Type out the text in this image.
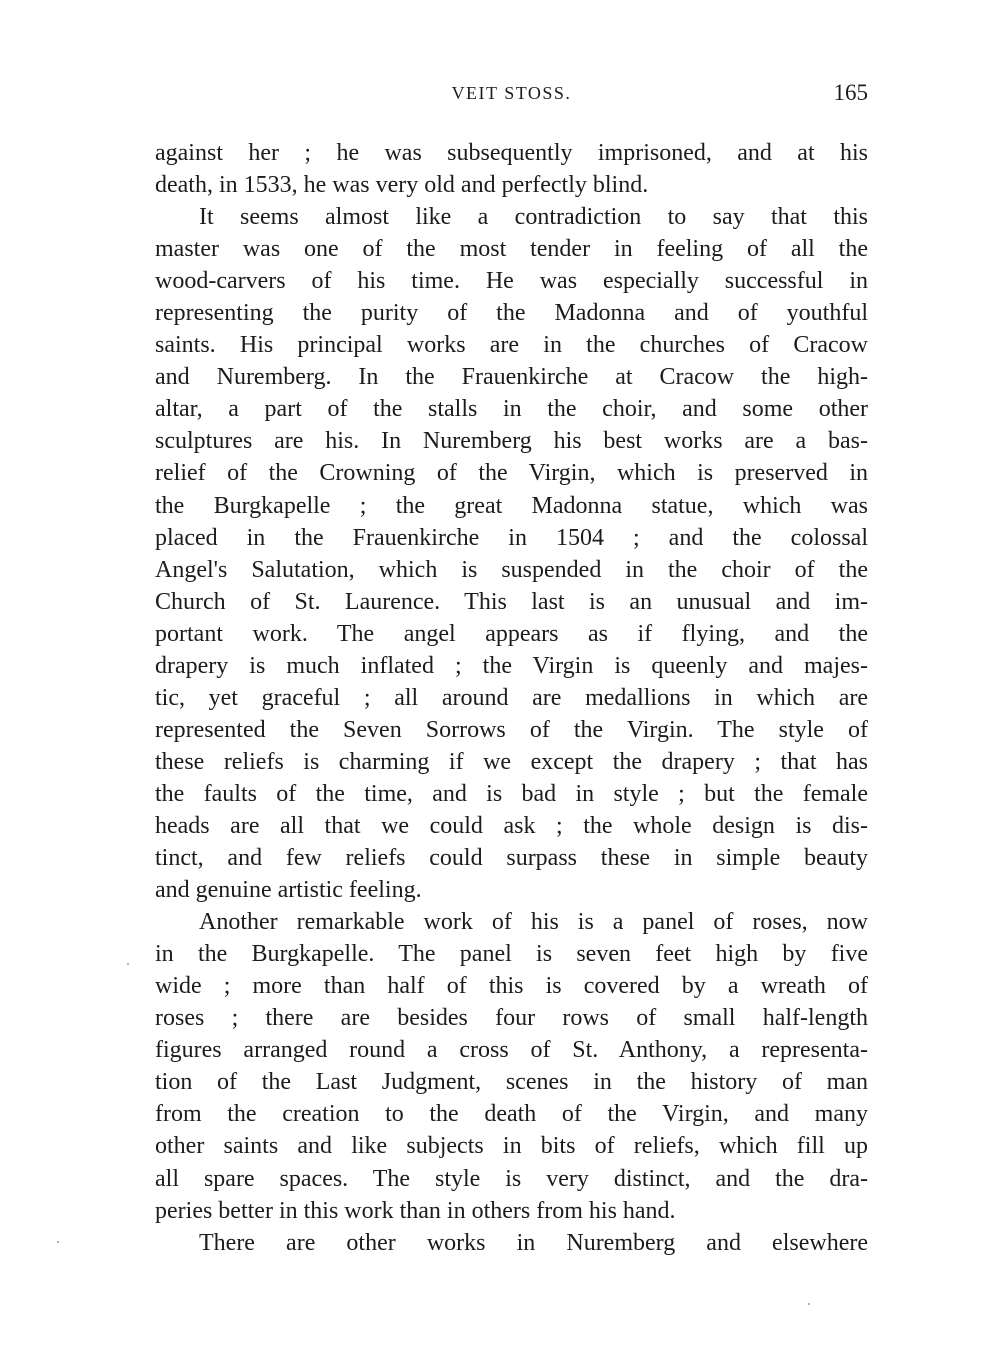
VEIT STOSS.	165
against her ; he was subsequently imprisoned, and at his
death, in 1533, he was very old and perfectly blind.
It seems almost like a contradiction to say that this
master was one of the most tender in feeling of all the
wood-carvers of his time. He was especially successful in
representing the purity of the Madonna and of youthful
saints. His principal works are in the churches of Cracow
and Nuremberg. In the Frauenkirche at Cracow the high-
altar, a part of the stalls in the choir, and some other
sculptures are his. In Nuremberg his best works are a bas-
relief of the Crowning of the Virgin, which is preserved in
the Burgkapelle ; the great Madonna statue, which was
placed in the Frauenkirche in 1504 ; and the colossal
Angel's Salutation, which is suspended in the choir of the
Church of St. Laurence. This last is an unusual and im-
portant work. The angel appears as if flying, and the
drapery is much inflated ; the Virgin is queenly and majes-
tic, yet graceful ; all around are medallions in which are
represented the Seven Sorrows of the Virgin. The style of
these reliefs is charming if we except the drapery ; that has
the faults of the time, and is bad in style ; but the female
heads are all that we could ask ; the whole design is dis-
tinct, and few reliefs could surpass these in simple beauty
and genuine artistic feeling.
Another remarkable work of his is a panel of roses, now
in the Burgkapelle. The panel is seven feet high by five
wide ; more than half of this is covered by a wreath of
roses ; there are besides four rows of small half-length
figures arranged round a cross of St. Anthony, a representa-
tion of the Last Judgment, scenes in the history of man
from the creation to the death of the Virgin, and many
other saints and like subjects in bits of reliefs, which fill up
all spare spaces. The style is very distinct, and the dra-
peries better in this work than in others from his hand.
There are other works in Nuremberg and elsewhere
